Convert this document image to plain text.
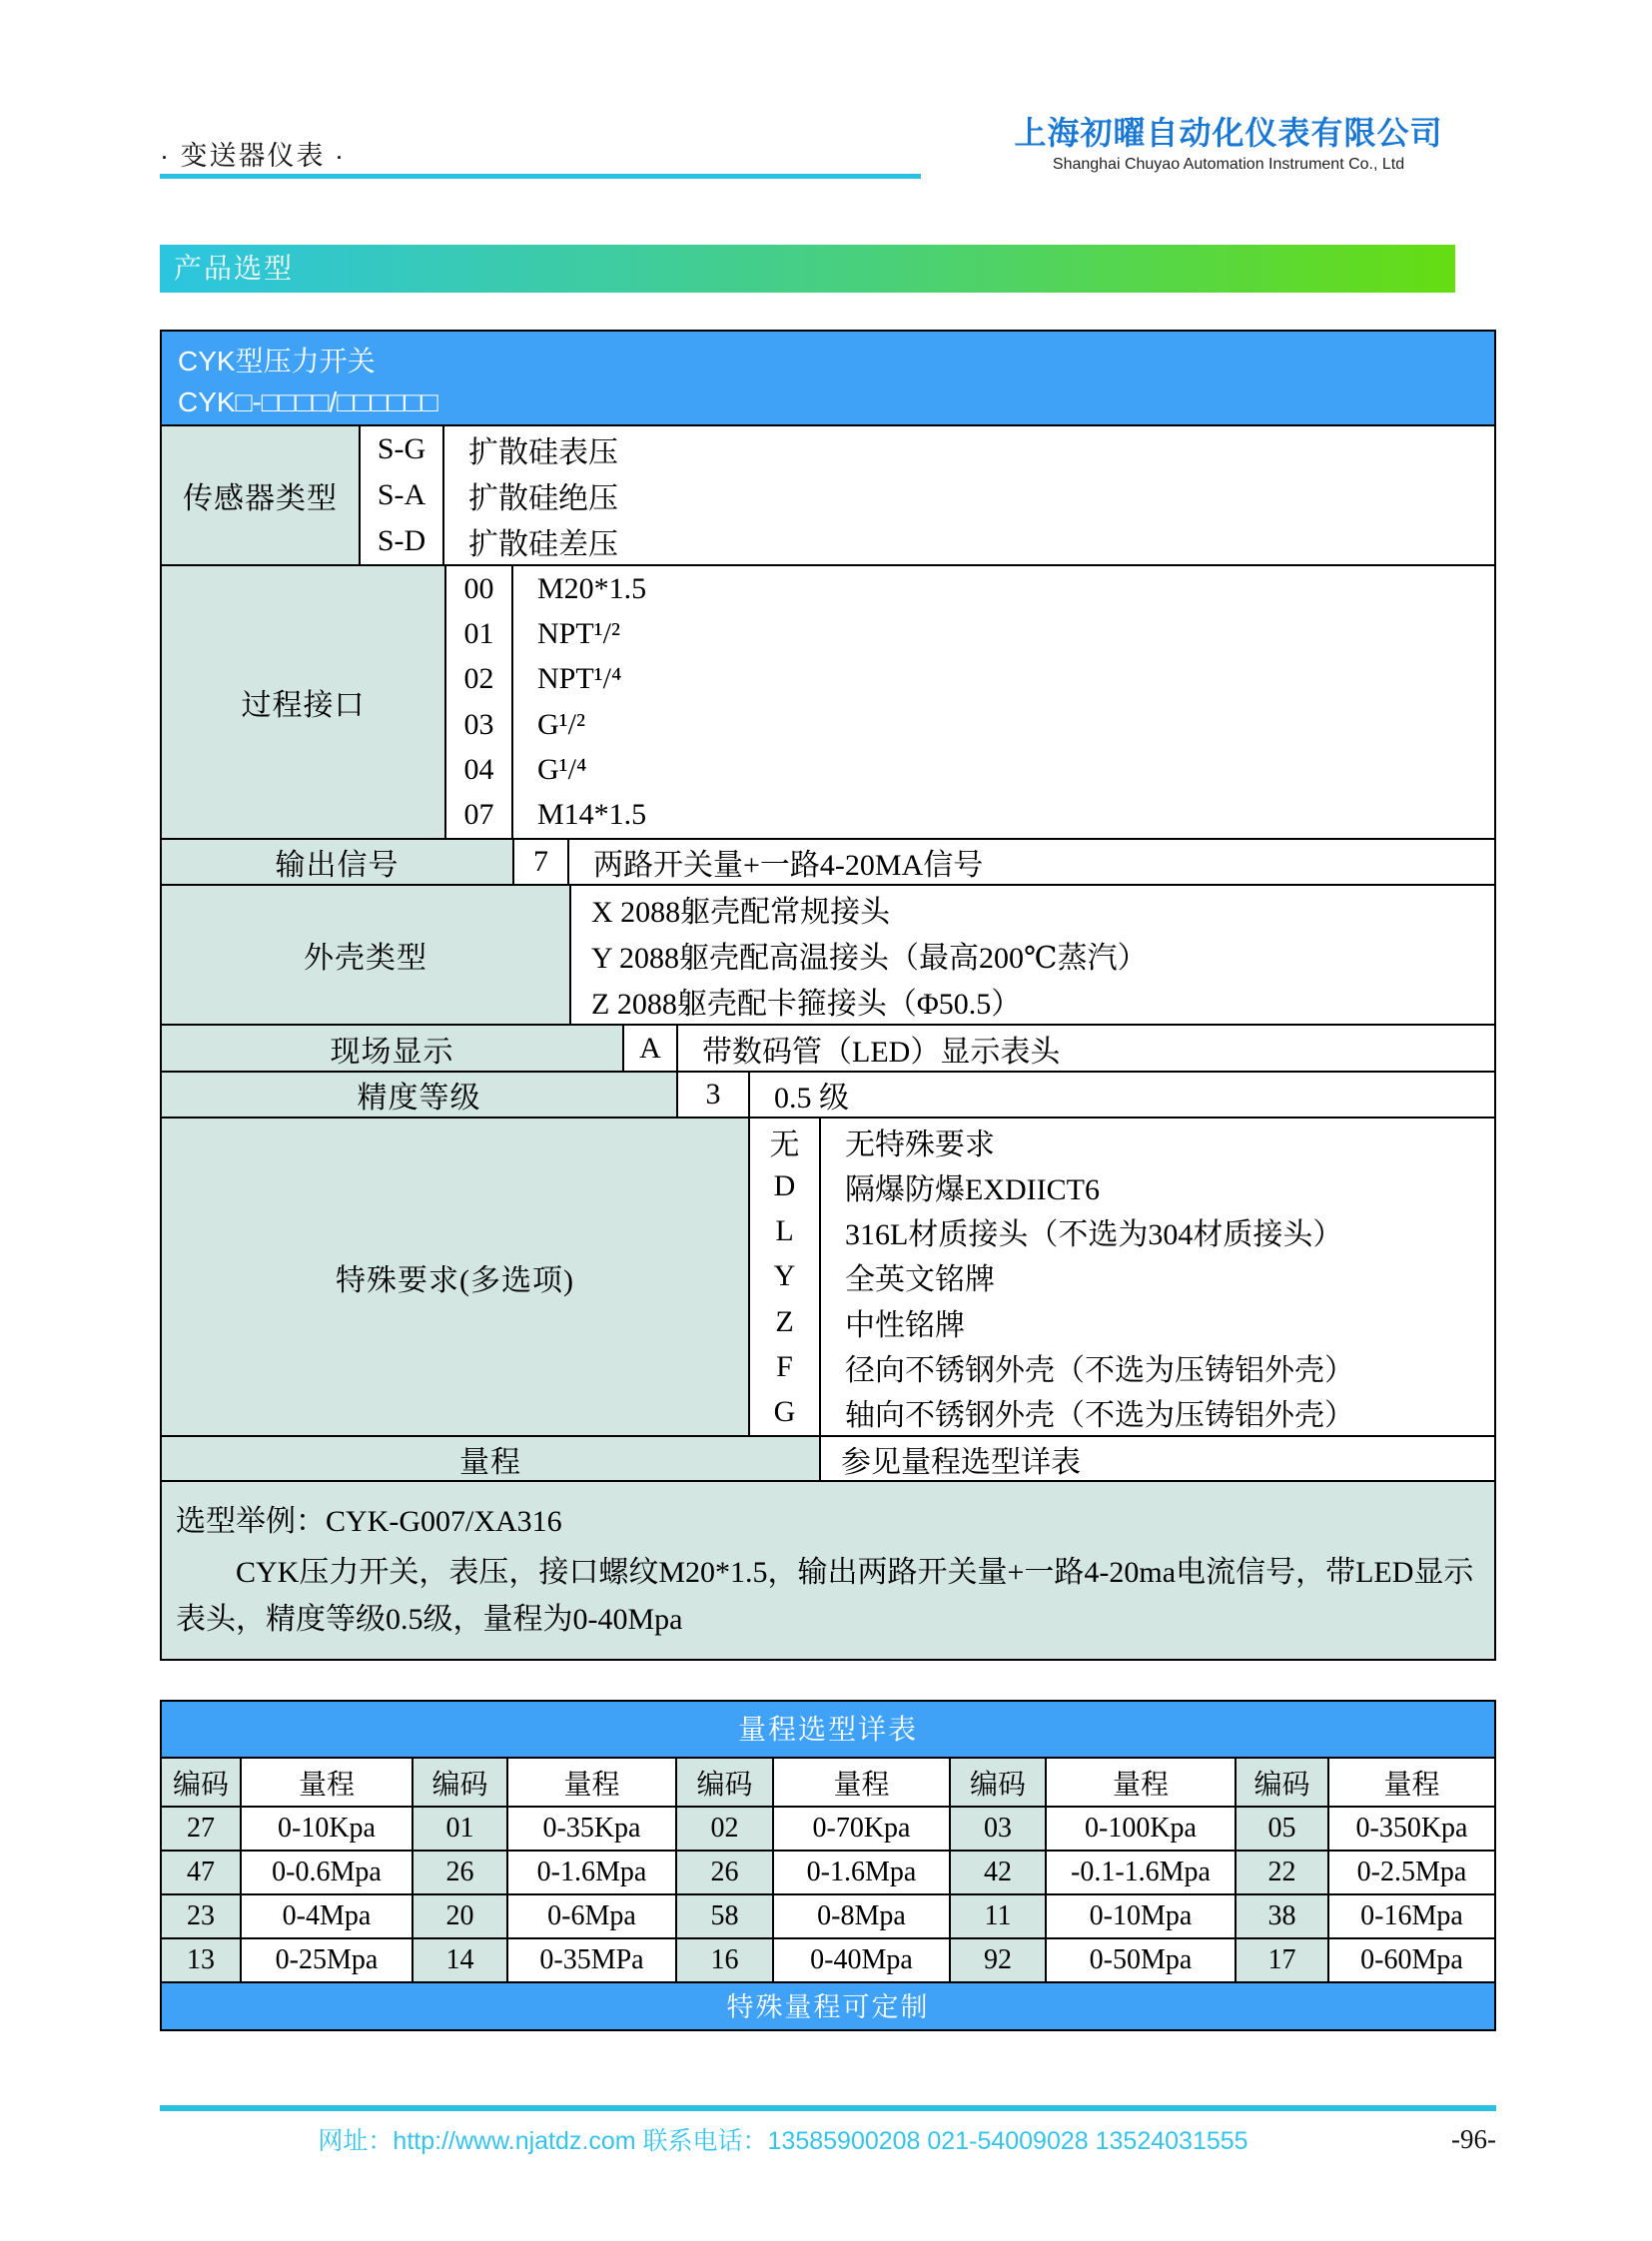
· 变送器仪表 ·
上海初曜自动化仪表有限公司
Shanghai Chuyao Automation Instrument Co., Ltd
产品选型
CYK型压力开关
CYK□-□□□□/□□□□□□
传感器类型
S-G	扩散硅表压
S-A	扩散硅绝压
S-D	扩散硅差压
过程接口
00	M20*1.5
01	NPT¹/²
02	NPT¹/⁴
03	G¹/²
04	G¹/⁴
07	M14*1.5
输出信号	7	两路开关量+一路4-20MA信号
外壳类型
X 2088躯壳配常规接头
Y 2088躯壳配高温接头（最高200℃蒸汽）
Z 2088躯壳配卡箍接头（Φ50.5）
现场显示	A	带数码管（LED）显示表头
精度等级	3	0.5 级
特殊要求(多选项)
无	无特殊要求
D	隔爆防爆EXDIICT6
L	316L材质接头（不选为304材质接头）
Y	全英文铭牌
Z	中性铭牌
F	径向不锈钢外壳（不选为压铸铝外壳）
G	轴向不锈钢外壳（不选为压铸铝外壳）
量程	参见量程选型详表
选型举例：CYK-G007/XA316
CYK压力开关，表压，接口螺纹M20*1.5，输出两路开关量+一路4-20ma电流信号，带LED显示表头，精度等级0.5级，量程为0-40Mpa
量程选型详表
编码	量程	编码	量程	编码	量程	编码	量程	编码	量程
27	0-10Kpa	01	0-35Kpa	02	0-70Kpa	03	0-100Kpa	05	0-350Kpa
47	0-0.6Mpa	26	0-1.6Mpa	26	0-1.6Mpa	42	-0.1-1.6Mpa	22	0-2.5Mpa
23	0-4Mpa	20	0-6Mpa	58	0-8Mpa	11	0-10Mpa	38	0-16Mpa
13	0-25Mpa	14	0-35MPa	16	0-40Mpa	92	0-50Mpa	17	0-60Mpa
特殊量程可定制
网址：http://www.njatdz.com 联系电话：13585900208 021-54009028 13524031555	-96-
